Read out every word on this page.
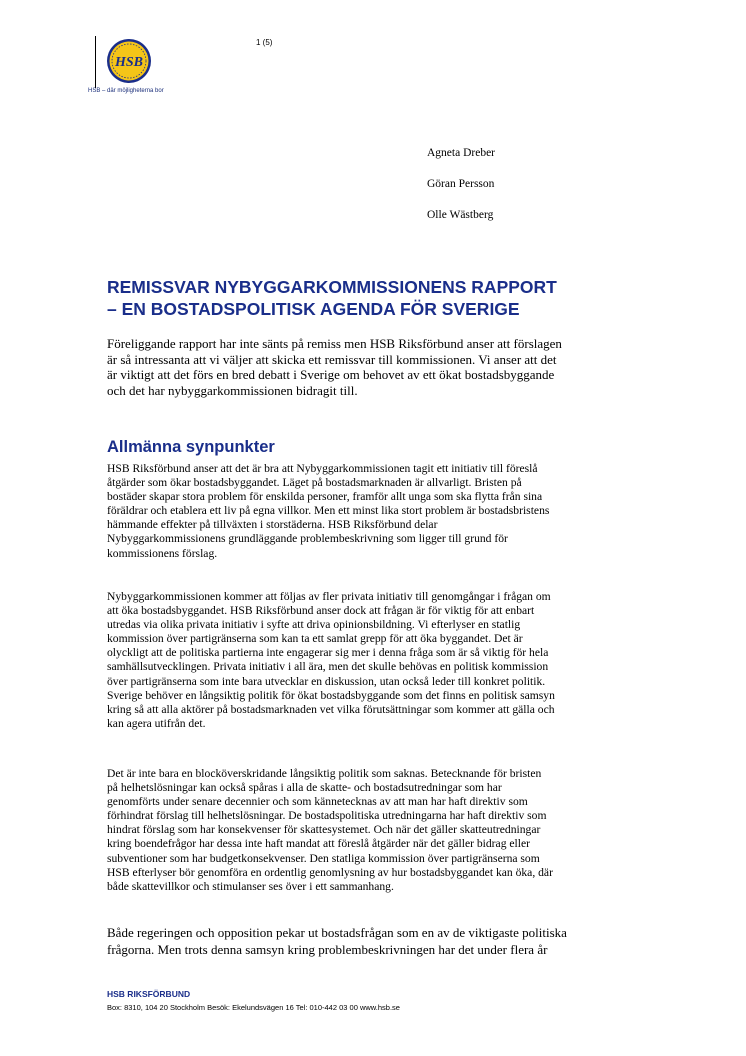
HSB
HSB – där möjligheterna bor
1 (5)
Agneta Dreber
Göran Persson
Olle Wästberg
REMISSVAR NYBYGGARKOMMISSIONENS RAPPORT
– EN BOSTADSPOLITISK AGENDA FÖR SVERIGE

Föreliggande rapport har inte sänts på remiss men HSB Riksförbund anser att förslagen
är så intressanta att vi väljer att skicka ett remissvar till kommissionen. Vi anser att det
är viktigt att det förs en bred debatt i Sverige om behovet av ett ökat bostadsbyggande
och det har nybyggarkommissionen bidragit till.

Allmänna synpunkter

HSB Riksförbund anser att det är bra att Nybyggarkommissionen tagit ett initiativ till föreslå
åtgärder som ökar bostadsbyggandet. Läget på bostadsmarknaden är allvarligt. Bristen på
bostäder skapar stora problem för enskilda personer, framför allt unga som ska flytta från sina
föräldrar och etablera ett liv på egna villkor. Men ett minst lika stort problem är bostadsbristens
hämmande effekter på tillväxten i storstäderna. HSB Riksförbund delar
Nybyggarkommissionens grundläggande problembeskrivning som ligger till grund för
kommissionens förslag.

Nybyggarkommissionen kommer att följas av fler privata initiativ till genomgångar i frågan om
att öka bostadsbyggandet. HSB Riksförbund anser dock att frågan är för viktig för att enbart
utredas via olika privata initiativ i syfte att driva opinionsbildning. Vi efterlyser en statlig
kommission över partigränserna som kan ta ett samlat grepp för att öka byggandet. Det är
olyckligt att de politiska partierna inte engagerar sig mer i denna fråga som är så viktig för hela
samhällsutvecklingen. Privata initiativ i all ära, men det skulle behövas en politisk kommission
över partigränserna som inte bara utvecklar en diskussion, utan också leder till konkret politik.
Sverige behöver en långsiktig politik för ökat bostadsbyggande som det finns en politisk samsyn
kring så att alla aktörer på bostadsmarknaden vet vilka förutsättningar som kommer att gälla och
kan agera utifrån det.

Det är inte bara en blocköverskridande långsiktig politik som saknas. Betecknande för bristen
på helhetslösningar kan också spåras i alla de skatte- och bostadsutredningar som har
genomförts under senare decennier och som kännetecknas av att man har haft direktiv som
förhindrat förslag till helhetslösningar. De bostadspolitiska utredningarna har haft direktiv som
hindrat förslag som har konsekvenser för skattesystemet. Och när det gäller skatteutredningar
kring boendefrågor har dessa inte haft mandat att föreslå åtgärder när det gäller bidrag eller
subventioner som har budgetkonsekvenser. Den statliga kommission över partigränserna som
HSB efterlyser bör genomföra en ordentlig genomlysning av hur bostadsbyggandet kan öka, där
både skattevillkor och stimulanser ses över i ett sammanhang.

Både regeringen och opposition pekar ut bostadsfrågan som en av de viktigaste politiska
frågorna. Men trots denna samsyn kring problembeskrivningen har det under flera år

HSB RIKSFÖRBUND
Box: 8310, 104 20 Stockholm Besök: Ekelundsvägen 16 Tel: 010-442 03 00 www.hsb.se
